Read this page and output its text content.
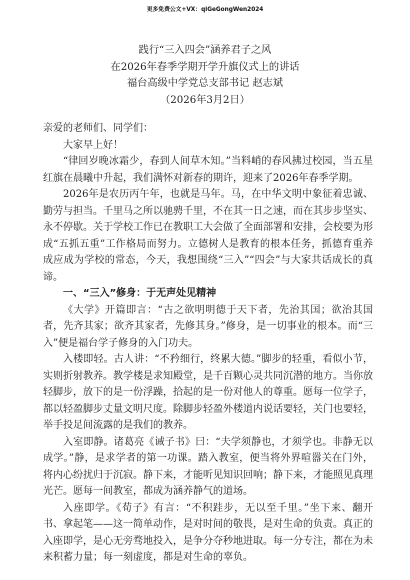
更多免费公文+VX：qiGeGongWen2024
践行“三入四会”涵养君子之风
在2026年春季学期开学升旗仪式上的讲话
福台高级中学党总支部书记 赵志斌
（2026年3月2日）

亲爱的老师们、同学们：

大家早上好！

“律回岁晚冰霜少，春到人间草木知。”当料峭的春风拂过校园，当五星红旗在晨曦中升起，我们满怀对新春的期许，迎来了2026年春季学期。

2026年是农历丙午年，也就是马年。马，在中华文明中象征着忠诚、勤劳与担当。千里马之所以驰骋千里，不在其一日之速，而在其步步坚实、永不停歇。关于学校工作已在教职工大会做了全面部署和安排，会校要为形成“五抓五重”工作格局而努力。立德树人是教育的根本任务，抓德育重养成应成为学校的常态，今天，我想围绕“三入”“四会”与大家共话成长的真谛。

一、“三入”修身：于无声处见精神

《大学》开篇即言：“古之欲明明德于天下者，先治其国；欲治其国者，先齐其家；欲齐其家者，先修其身。”修身，是一切事业的根本。而“三入”便是福台学子修身的入门功夫。

入楼即轻。古人讲：“不矜细行，终累大德。”脚步的轻重，看似小节，实则折射教养。教学楼是求知殿堂，是千百颗心灵共同沉潜的地方。当你放轻脚步，放下的是一份浮躁，拾起的是一份对他人的尊重。愿每一位学子，都以轻盈脚步丈量文明尺度。除脚步轻盈外楼道内说话要轻，关门也要轻，举手投足间流露的是我们的教养。

入室即静。诸葛亮《诫子书》曰：“夫学须静也，才须学也。非静无以成学。”静，是求学者的第一功课。踏入教室，便当将外界喧嚣关在门外，将内心纷扰归于沉寂。静下来，才能听见知识回响；静下来，才能照见真理光芒。愿每一间教室，都成为涵养静气的道场。

入座即学。《荀子》有言：“不积跬步，无以至千里。”坐下来、翻开书、拿起笔——这一简单动作，是对时间的敬畏，是对生命的负责。真正的入座即学，是心无旁骛地投入，是争分夺秒地进取。每一分专注，都在为未来积蓄力量；每一刻虚度，都是对生命的辜负。
